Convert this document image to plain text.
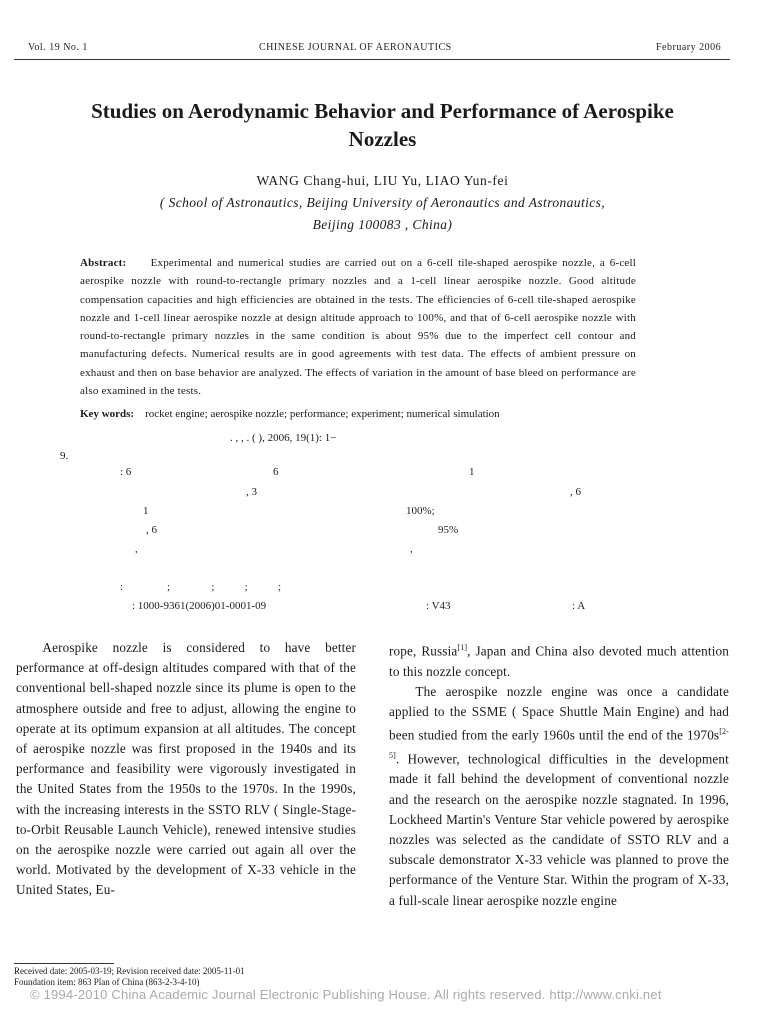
Vol. 19 No. 1	CHINESE JOURNAL OF AERONAUTICS	February 2006
Studies on Aerodynamic Behavior and Performance of Aerospike Nozzles
WANG Chang-hui, LIU Yu, LIAO Yun-fei
( School of Astronautics, Beijing University of Aeronautics and Astronautics,
Beijing 100083 , China)
Abstract: Experimental and numerical studies are carried out on a 6-cell tile-shaped aerospike nozzle, a 6-cell aerospike nozzle with round-to-rectangle primary nozzles and a 1-cell linear aerospike nozzle. Good altitude compensation capacities and high efficiencies are obtained in the tests. The efficiencies of 6-cell tile-shaped aerospike nozzle and 1-cell linear aerospike nozzle at design altitude approach to 100%, and that of 6-cell aerospike nozzle with round-to-rectangle primary nozzles in the same condition is about 95% due to the imperfect cell contour and manufacturing defects. Numerical results are in good agreements with test data. The effects of ambient pressure on exhaust and then on base behavior are analyzed. The effects of variation in the amount of base bleed on performance are also examined in the tests.
Key words: rocket engine; aerospike nozzle; performance; experiment; numerical simulation
. , , . ( ), 2006, 19(1): 1−
9.
: 6	6	1
, 3	, 6
1	100%;
, 6	95%
,	,
:                ;               ;           ;           ;
: 1000-9361(2006)01-0001-09	: V43	: A

Aerospike nozzle is considered to have better performance at off-design altitudes compared with that of the conventional bell-shaped nozzle since its plume is open to the atmosphere outside and free to adjust, allowing the engine to operate at its optimum expansion at all altitudes. The concept of aerospike nozzle was first proposed in the 1940s and its performance and feasibility were vigorously investigated in the United States from the 1950s to the 1970s. In the 1990s, with the increasing interests in the SSTO RLV ( Single-Stage-to-Orbit Reusable Launch Vehicle), renewed intensive studies on the aerospike nozzle were carried out again all over the world. Motivated by the development of X-33 vehicle in the United States, Eu-

rope, Russia[1], Japan and China also devoted much attention to this nozzle concept.

The aerospike nozzle engine was once a candidate applied to the SSME ( Space Shuttle Main Engine) and had been studied from the early 1960s until the end of the 1970s[2-5]. However, technological difficulties in the development made it fall behind the development of conventional nozzle and the research on the aerospike nozzle stagnated. In 1996, Lockheed Martin's Venture Star vehicle powered by aerospike nozzles was selected as the candidate of SSTO RLV and a subscale demonstrator X-33 vehicle was planned to prove the performance of the Venture Star. Within the program of X-33, a full-scale linear aerospike nozzle engine

Received date: 2005-03-19; Revision received date: 2005-11-01
Foundation item: 863 Plan of China (863-2-3-4-10)
© 1994-2010 China Academic Journal Electronic Publishing House. All rights reserved. http://www.cnki.net
